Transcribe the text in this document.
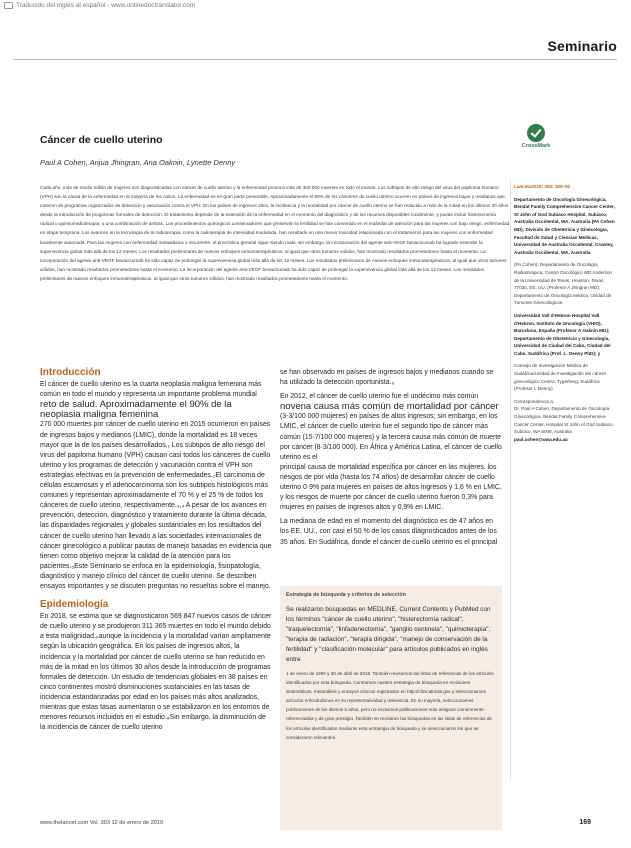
Traducido del inglés al español - www.onlinedoctranslator.com
Seminario
Cáncer de cuello uterino	CrossMark
Paul A Cohen, Anjua Jhingran, Ana Oaknin, Lynette Denny
Cada año, más de medio millón de mujeres son diagnosticadas con cáncer de cuello uterino y la enfermedad provoca más de 300 000 muertes en todo el mundo. Los subtipos de alto riesgo del virus del papiloma humano (VPH) son la causa de la enfermedad en la mayoría de los casos. La enfermedad es en gran parte prevenible. Aproximadamente el 90% de los cánceres de cuello uterino ocurren en países de ingresos bajos y medianos que carecen de programas organizados de detección y vacunación contra el VPH. En los países de ingresos altos, la incidencia y la mortalidad por cáncer de cuello uterino se han reducido a más de la mitad en los últimos 30 años desde la introducción de programas formales de detección. El tratamiento depende de la extensión de la enfermedad en el momento del diagnóstico y de los recursos disponibles localmente, y puede incluir histerectomía radical o quimiorradioterapia, o una combinación de ambas. Los procedimientos quirúrgicos conservadores que preservan la fertilidad se han convertido en el estándar de atención para las mujeres con bajo riesgo, enfermedad en etapa temprana. Los avances en la tecnología de la radioterapia, como la radioterapia de intensidad modulada, han resultado en una menor toxicidad relacionada con el tratamiento para las mujeres con enfermedad localmente avanzada. Para las mujeres con enfermedad metastásica o recurrente, el pronóstico general sigue siendo malo; sin embargo, la incorporación del agente anti-VEGF bevacizumab ha logrado extender la supervivencia global más allá de los 12 meses. Los resultados preliminares de nuevos enfoques inmunoterapéuticos, al igual que otros tumores sólidos, han mostrado resultados prometedores hasta el momento. La incorporación del agente anti-VEGF bevacizumab ha sido capaz de prolongar la supervivencia global más allá de los 12 meses. Los resultados preliminares de nuevos enfoques inmunoterapéuticos, al igual que otros tumores sólidos, han mostrado resultados prometedores hasta el momento. La incorporación del agente anti-VEGF bevacizumab ha sido capaz de prolongar la supervivencia global más allá de los 12 meses. Los resultados preliminares de nuevos enfoques inmunoterapéuticos, al igual que otros tumores sólidos, han mostrado resultados prometedores hasta el momento.

Lanceta2019; 393: 169–82

Departamento de Oncología Ginecológica, Bendat Family Comprehensive Cancer Center, St John of God Subiaco Hospital, Subiaco, Australia Occidental, WA, Australia (PA Cohen MD); División de Obstetricia y Ginecología, Facultad de Salud y Ciencias Médicas, Universidad de Australia Occidental, Crawley, Australia Occidental, WA, Australia

(PA Cohen); Departamento de Oncología Radioterápica, Centro Oncológico MD Anderson de la Universidad de Texas, Houston, Texas, 77030, EE. UU. (Profesor A Jhingran MD); Departamento de Oncología Médica, Unidad de Tumores Ginecológicos,

Universidad Vall d'Hebron Hospital Vall d'Hebron, Instituto de Oncología (VHIO), Barcelona, España (Profesor A Oaknin MD); Departamento de Obstetricia y Ginecología, Universidad de Ciudad del Cabo, Ciudad del Cabo, Sudáfrica (Prof. L. Denny PhD); y

Consejo de Investigación Médica de Sudáfrica/Unidad de Investigación del cáncer ginecológico Centro, Tygerberg, Sudáfrica (Profesor L Denny)

Correspondencia a:
Dr. Paul A Cohen, Departamento de Oncología Ginecológica, Bendat Family Comprehensive Cancer Center, Hospital St John of God Subiaco, Subiaco, WA 6008, Australia
paul.cohen@uwa.edu.au

Introducción
El cáncer de cuello uterino es la cuarta neoplasia maligna femenina más común en todo el mundo y representa un importante problema mundial
reto de salud. Aproximadamente el 90% de la neoplasia maligna femenina
270 000 muertes por cáncer de cuello uterino en 2015 ocurrieron en países de ingresos bajos y medianos (LMIC), donde la mortalidad es 18 veces mayor que la de los países desarrollados.₁ Los subtipos de alto riesgo del virus del papiloma humano (VPH) causan casi todos los cánceres de cuello uterino y los programas de detección y vacunación contra el VPH son estrategias efectivas en la prevención de enfermedades.₂El carcinoma de células escamosas y el adenocarcinoma son los subtipos histológicos más comunes y representan aproximadamente el 70 % y el 25 % de todos los cánceres de cuello uterino, respectivamente.₃,₄ A pesar de los avances en prevención, detección, diagnóstico y tratamiento durante la última década, las disparidades regionales y globales sustanciales en los resultados del cáncer de cuello uterino han llevado a las sociedades internacionales de cáncer ginecológico a publicar pautas de manejo basadas en evidencia que tienen como objetivo mejorar la calidad de la atención para los pacientes.₅Este Seminario se enfoca en la epidemiología, fisiopatología, diagnóstico y manejo clínico del cáncer de cuello uterino. Se describen ensayos importantes y se discuten preguntas no resueltas sobre el manejo.
Epidemiología
En 2018, se estima que se diagnosticaron 569 847 nuevos casos de cáncer de cuello uterino y se produjeron 311 365 muertes en todo el mundo debido a esta malignidad.₆aunque la incidencia y la mortalidad varían ampliamente según la ubicación geográfica. En los países de ingresos altos, la incidencia y la mortalidad por cáncer de cuello uterino se han reducido en más de la mitad en los últimos 30 años desde la introducción de programas formales de detección. Un estudio de tendencias globales en 38 países en cinco continentes mostró disminuciones sustanciales en las tasas de incidencia estandarizadas por edad en los países más altos analizados, mientras que estas tasas aumentaron o se estabilizaron en los entornos de menores recursos incluidos en el estudio.₈Sin embargo, la disminución de la incidencia de cáncer de cuello uterino
se han observado en países de ingresos bajos y medianos cuando se ha utilizado la detección oportunista.₉
En 2012, el cáncer de cuello uterino fue el undécimo más común
novena causa más común de mortalidad por cáncer
(3-3/100 000 mujeres) en países de altos ingresos; sin embargo, en los LMIC, el cáncer de cuello uterino fue el segundo tipo de cáncer más común (15·7/100 000 mujeres) y la tercera causa más común de muerte por cáncer (8·3/100 000). En África y América Latina, el cáncer de cuello uterino es el
principal causa de mortalidad específica por cáncer en las mujeres. los riesgos de por vida (hasta los 74 años) de desarrollar cáncer de cuello uterino 0·9% para mujeres en países de altos ingresos y 1,6 % en LMIC, y los riesgos de muerte por cáncer de cuello uterino fueron 0,3% para mujeres en países de ingresos altos y 0,9% en LMIC.
La mediana de edad en el momento del diagnóstico es de 47 años en los EE. UU., con casi el 50 % de los casos diagnosticados antes de los 35 años. En Sudáfrica, donde el cáncer de cuello uterino es el principal
Estrategia de búsqueda y criterios de selección
Se realizaron búsquedas en MEDLINE, Current Contents y PubMed con los términos "cáncer de cuello uterino", "histerectomía radical", "traquelectomía", "linfadenectomía", "ganglio centinela", "quimioterapia", "terapia de radiación", "terapia dirigida", "manejo de conservación de la fertilidad" y "clasificación molecular" para artículos publicados en inglés entre
1 de enero de 1990 y 30 de abril de 2018. También revisamos las listas de referencias de los artículos identificados por esta búsqueda. Centramos nuestra estrategia de búsqueda en revisiones sistemáticas, metanálisis y ensayos clínicos registrados en http://clinicaltrials.gov y seleccionamos artículos enfocándonos en su representatividad y relevancia. En su mayoría, seleccionamos publicaciones de los últimos 5 años, pero no excluimos publicaciones más antiguas comúnmente referenciadas y de gran prestigio. También se revisaron las búsquedas en las listas de referencias de los artículos identificados mediante esta estrategia de búsqueda y se seleccionaron los que se consideraron relevantes.
www.thelancet.com Vol. 393 12 de enero de 2019	169
